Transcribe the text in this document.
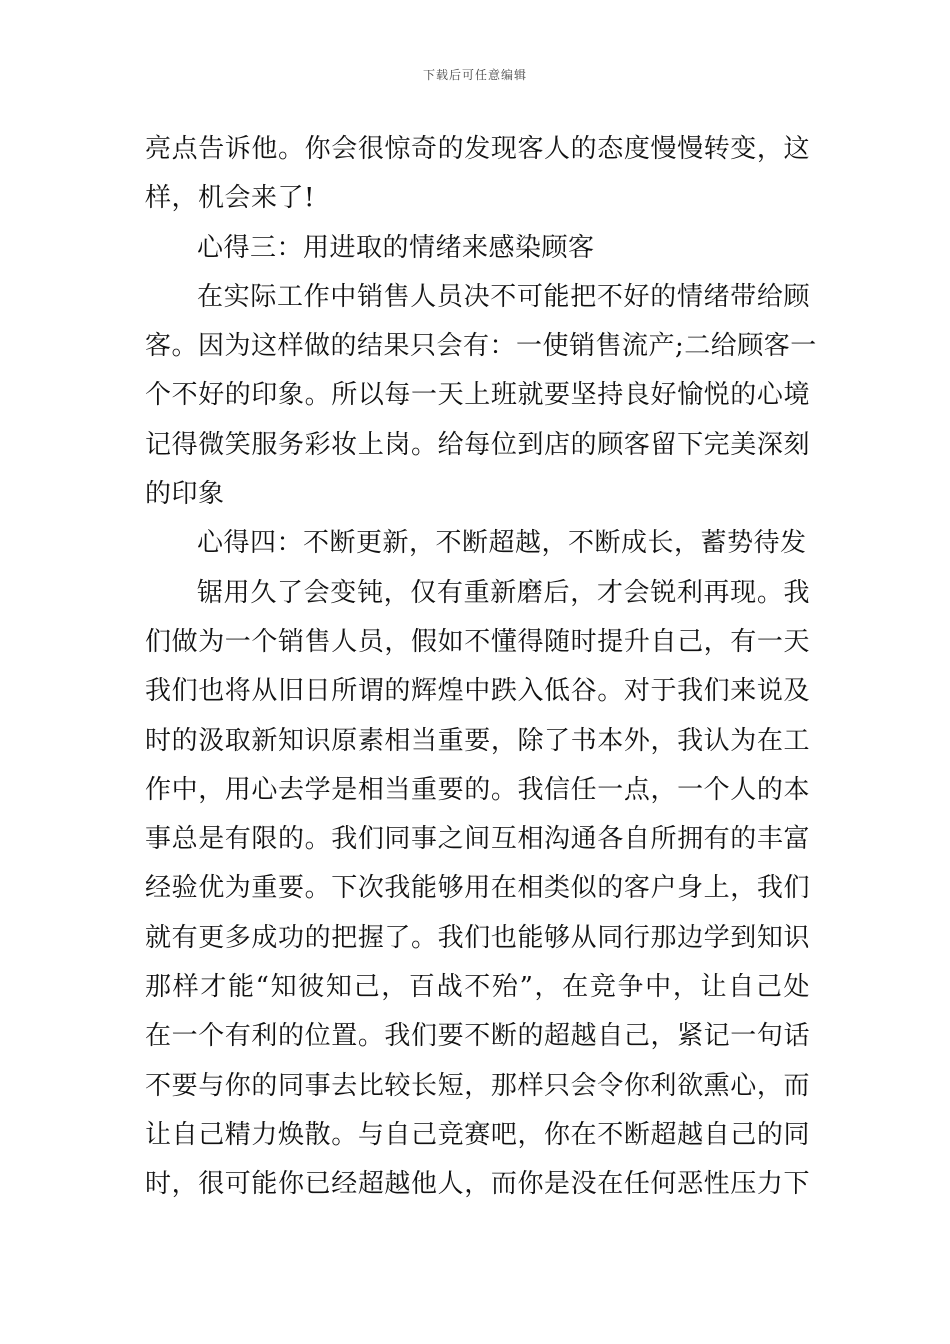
下载后可任意编辑
亮点告诉他。你会很惊奇的发现客人的态度慢慢转变，这
样，机会来了!
心得三：用进取的情绪来感染顾客
在实际工作中销售人员决不可能把不好的情绪带给顾
客。因为这样做的结果只会有：一使销售流产;二给顾客一
个不好的印象。所以每一天上班就要坚持良好愉悦的心境
记得微笑服务彩妆上岗。给每位到店的顾客留下完美深刻
的印象
心得四：不断更新，不断超越，不断成长，蓄势待发
锯用久了会变钝，仅有重新磨后，才会锐利再现。我
们做为一个销售人员，假如不懂得随时提升自己，有一天
我们也将从旧日所谓的辉煌中跌入低谷。对于我们来说及
时的汲取新知识原素相当重要，除了书本外，我认为在工
作中，用心去学是相当重要的。我信任一点，一个人的本
事总是有限的。我们同事之间互相沟通各自所拥有的丰富
经验优为重要。下次我能够用在相类似的客户身上，我们
就有更多成功的把握了。我们也能够从同行那边学到知识
那样才能“知彼知己，百战不殆”，在竞争中，让自己处
在一个有利的位置。我们要不断的超越自己，紧记一句话
不要与你的同事去比较长短，那样只会令你利欲熏心，而
让自己精力焕散。与自己竞赛吧，你在不断超越自己的同
时，很可能你已经超越他人，而你是没在任何恶性压力下
